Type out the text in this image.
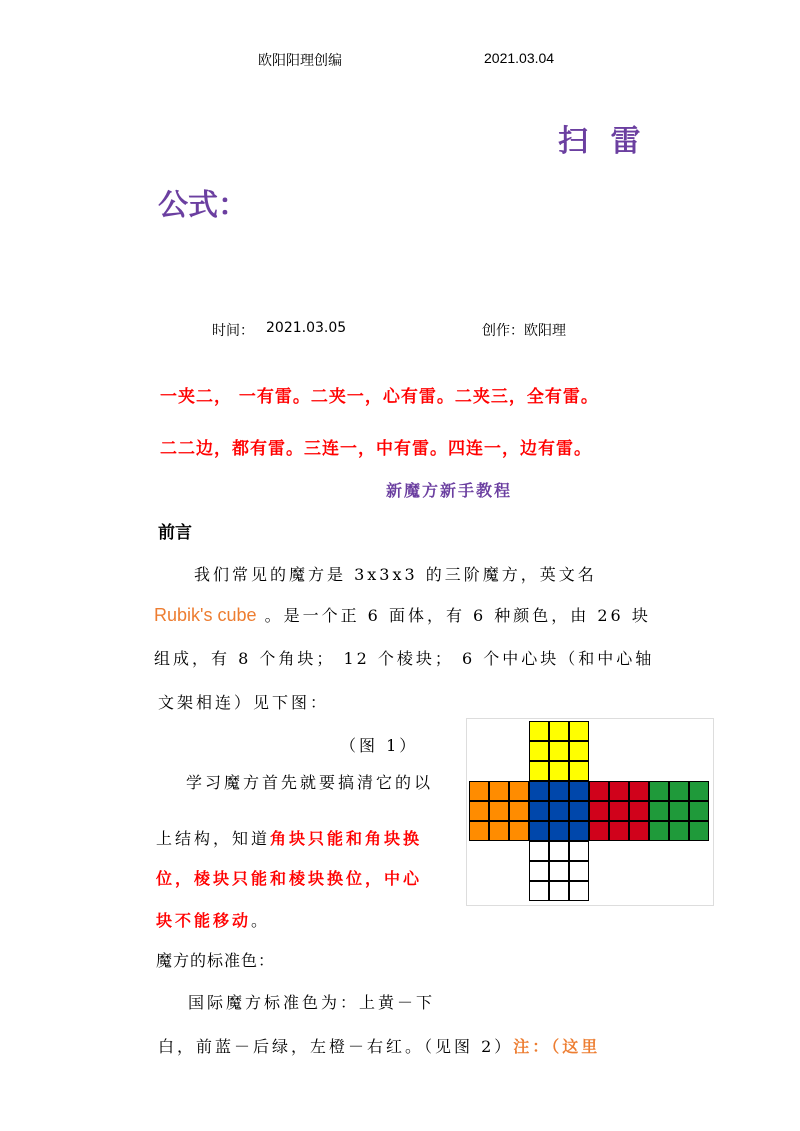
欧阳阳理创编	2021.03.04
扫 雷
公式：
时间： 2021.03.05	创作：欧阳理
一夹二， 一有雷。二夹一，心有雷。二夹三，全有雷。
二二边，都有雷。三连一，中有雷。四连一，边有雷。
新魔方新手教程
前言
我们常见的魔方是 3x3x3 的三阶魔方，英文名
Rubik's cube 。是一个正 6 面体，有 6 种颜色，由 26 块
组成，有 8 个角块； 12 个棱块； 6 个中心块（和中心轴
文架相连）见下图：
（图 1）
学习魔方首先就要搞清它的以
上结构，知道角块只能和角块换
位，棱块只能和棱块换位，中心
块不能移动。
魔方的标准色：
国际魔方标准色为：上黄－下
白，前蓝－后绿，左橙－右红。（见图 2）注：（这里
